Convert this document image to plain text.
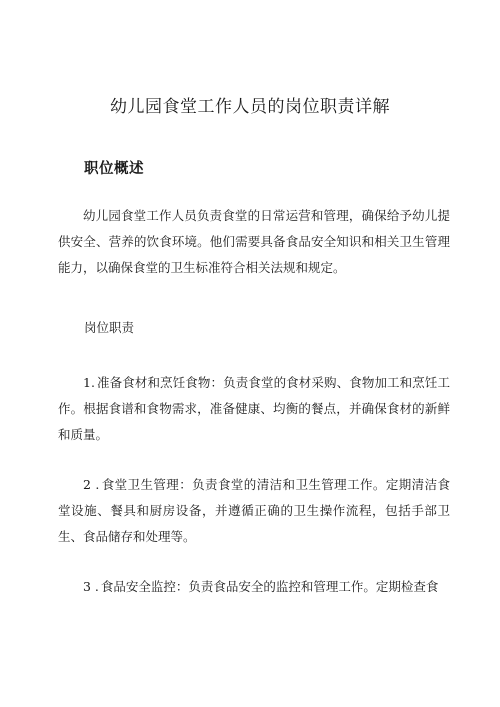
幼儿园食堂工作人员的岗位职责详解
职位概述

幼儿园食堂工作人员负责食堂的日常运营和管理，确保给予幼儿提供安全、营养的饮食环境。他们需要具备食品安全知识和相关卫生管理能力，以确保食堂的卫生标准符合相关法规和规定。

岗位职责

1. 准备食材和烹饪食物：负责食堂的食材采购、食物加工和烹饪工作。根据食谱和食物需求，准备健康、均衡的餐点，并确保食材的新鲜和质量。

2 . 食堂卫生管理：负责食堂的清洁和卫生管理工作。定期清洁食堂设施、餐具和厨房设备，并遵循正确的卫生操作流程，包括手部卫生、食品储存和处理等。

3 . 食品安全监控：负责食品安全的监控和管理工作。定期检查食
